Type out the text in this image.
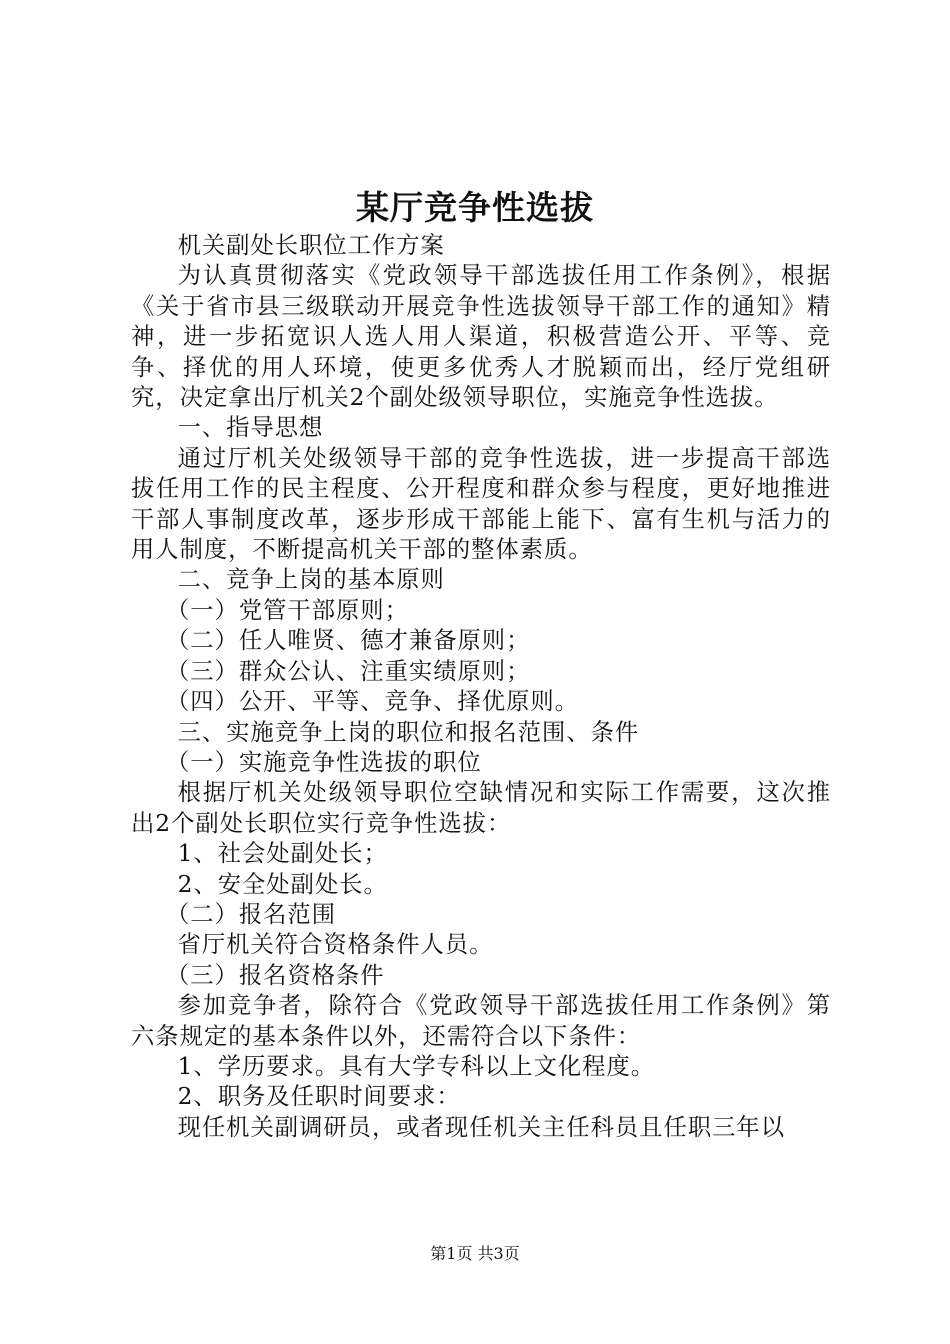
某厅竞争性选拔

机关副处长职位工作方案

为认真贯彻落实《党政领导干部选拔任用工作条例》，根据《关于省市县三级联动开展竞争性选拔领导干部工作的通知》精神，进一步拓宽识人选人用人渠道，积极营造公开、平等、竞争、择优的用人环境，使更多优秀人才脱颖而出，经厅党组研究，决定拿出厅机关2个副处级领导职位，实施竞争性选拔。

一、指导思想

通过厅机关处级领导干部的竞争性选拔，进一步提高干部选拔任用工作的民主程度、公开程度和群众参与程度，更好地推进干部人事制度改革，逐步形成干部能上能下、富有生机与活力的用人制度，不断提高机关干部的整体素质。

二、竞争上岗的基本原则

（一）党管干部原则；

（二）任人唯贤、德才兼备原则；

（三）群众公认、注重实绩原则；

（四）公开、平等、竞争、择优原则。

三、实施竞争上岗的职位和报名范围、条件

（一）实施竞争性选拔的职位

根据厅机关处级领导职位空缺情况和实际工作需要，这次推出2个副处长职位实行竞争性选拔：

1、社会处副处长；

2、安全处副处长。

（二）报名范围

省厅机关符合资格条件人员。

（三）报名资格条件

参加竞争者，除符合《党政领导干部选拔任用工作条例》第六条规定的基本条件以外，还需符合以下条件：

1、学历要求。具有大学专科以上文化程度。

2、职务及任职时间要求：

现任机关副调研员，或者现任机关主任科员且任职三年以

第1页 共3页
